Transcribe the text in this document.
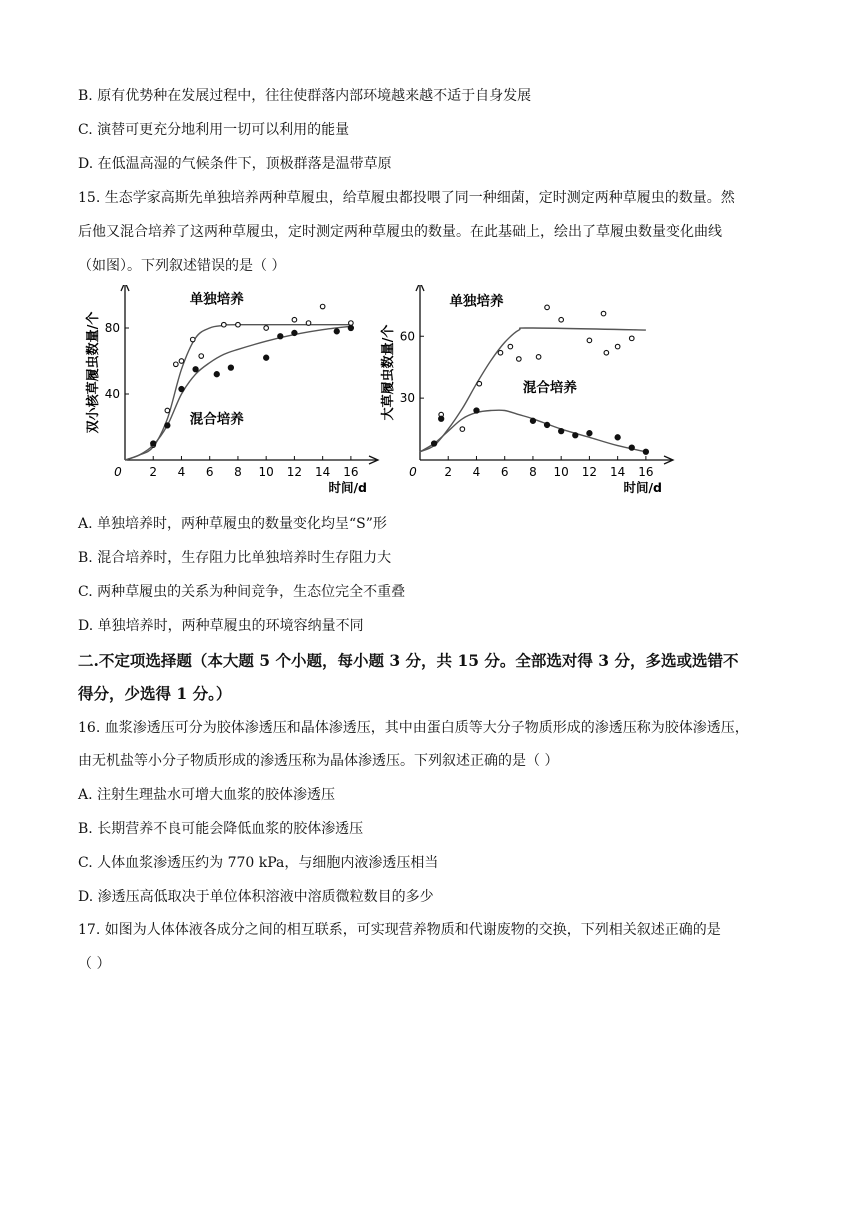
B. 原有优势种在发展过程中，往往使群落内部环境越来越不适于自身发展
C. 演替可更充分地利用一切可以利用的能量
D. 在低温高湿的气候条件下，顶极群落是温带草原
15. 生态学家高斯先单独培养两种草履虫，给草履虫都投喂了同一种细菌，定时测定两种草履虫的数量。然
后他又混合培养了这两种草履虫，定时测定两种草履虫的数量。在此基础上，绘出了草履虫数量变化曲线
（如图）。下列叙述错误的是（ ）
0 2 4 6 8 10 12 14 16
40
80
时间/d
双小核草履虫数量/个
单独培养
混合培养
0 2 4 6 8 10 12 14 16
30
60
时间/d
大草履虫数量/个
单独培养
混合培养
A. 单独培养时，两种草履虫的数量变化均呈“S”形
B. 混合培养时，生存阻力比单独培养时生存阻力大
C. 两种草履虫的关系为种间竞争，生态位完全不重叠
D. 单独培养时，两种草履虫的环境容纳量不同
二.不定项选择题（本大题 5 个小题，每小题 3 分，共 15 分。全部选对得 3 分，多选或选错不
得分，少选得 1 分。）
16. 血浆渗透压可分为胶体渗透压和晶体渗透压，其中由蛋白质等大分子物质形成的渗透压称为胶体渗透压，
由无机盐等小分子物质形成的渗透压称为晶体渗透压。下列叙述正确的是（ ）
A. 注射生理盐水可增大血浆的胶体渗透压
B. 长期营养不良可能会降低血浆的胶体渗透压
C. 人体血浆渗透压约为 770 kPa，与细胞内液渗透压相当
D. 渗透压高低取决于单位体积溶液中溶质微粒数目的多少
17. 如图为人体体液各成分之间的相互联系，可实现营养物质和代谢废物的交换，下列相关叙述正确的是
（ ）
